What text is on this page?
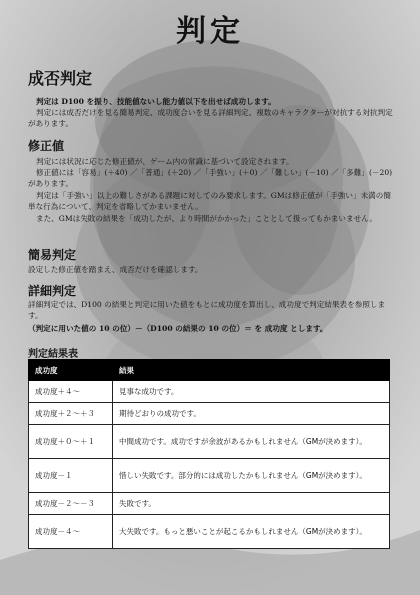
判定
成否判定
判定は D100 を振り、技能値ないし能力値以下を出せば成功します。
判定には成否だけを見る簡易判定、成功度合いを見る詳細判定、複数のキャラクターが対抗する対抗判定があります。
修正値
判定には状況に応じた修正値が、ゲーム内の常識に基づいて設定されます。
修正値には「容易」(＋40) ／「普通」(＋20) ／「手強い」(＋0) ／「難しい」(－10) ／「多難」(－20) があります。
判定は「手強い」以上の難しさがある課題に対してのみ要求します。GMは修正値が「手強い」未満の簡単な行為について、判定を省略してかまいません。
また、GMは失敗の結果を「成功したが、より時間がかかった」こととして扱ってもかまいません。
簡易判定
設定した修正値を踏まえ、成否だけを確認します。
詳細判定
詳細判定では、D100 の結果と判定に用いた値をもとに成功度を算出し、成功度で判定結果表を参照します。
（判定に用いた値の 10 の位）－（D100 の結果の 10 の位）＝ を 成功度 とします。
判定結果表
成功度	結果
成功度＋４～	見事な成功です。
成功度＋２～＋３	期待どおりの成功です。
成功度＋０～＋１	中間成功です。成功ですが余波があるかもしれません（GMが決めます）。
成功度－１	惜しい失敗です。部分的には成功したかもしれません（GMが決めます）。
成功度－２～－３	失敗です。
成功度－４～	大失敗です。もっと悪いことが起こるかもしれません（GMが決めます）。
